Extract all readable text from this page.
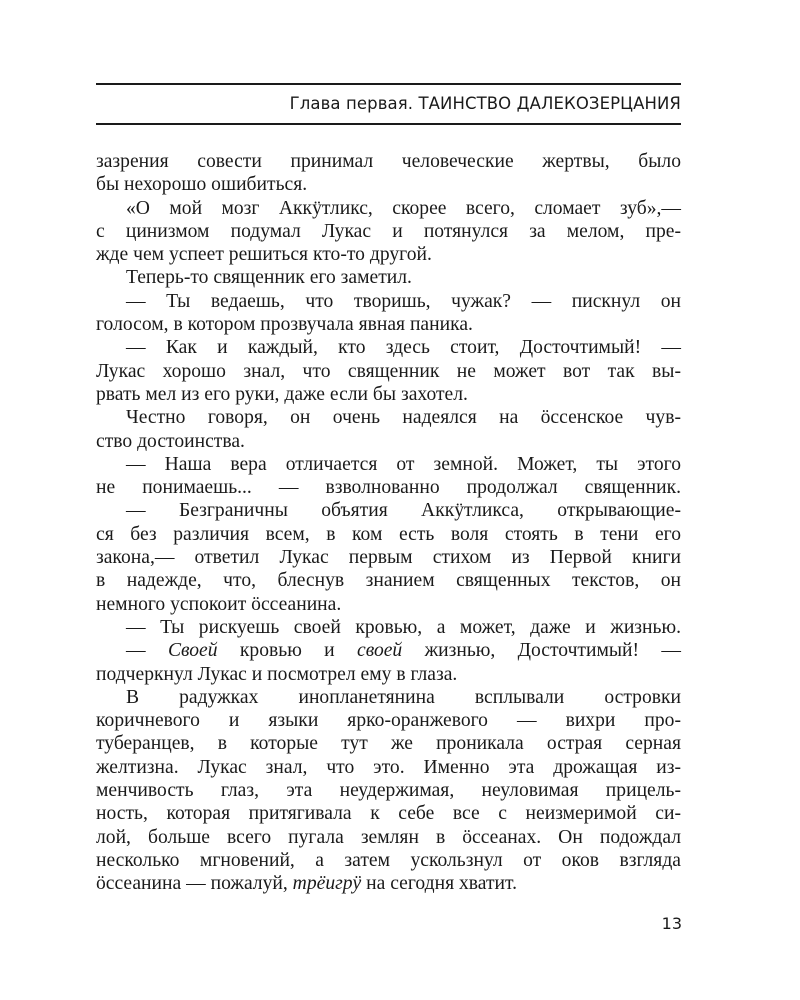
Глава первая. ТАИНСТВО ДАЛЕКОЗЕРЦАНИЯ
зазрения совести принимал человеческие жертвы, было
бы нехорошо ошибиться.
«О мой мозг Аккӱтликс, скорее всего, сломает зуб»,—
с цинизмом подумал Лукас и потянулся за мелом, пре-
жде чем успеет решиться кто-то другой.
Теперь-то священник его заметил.
— Ты ведаешь, что творишь, чужак? — пискнул он
голосом, в котором прозвучала явная паника.
— Как и каждый, кто здесь стоит, Досточтимый! —
Лукас хорошо знал, что священник не может вот так вы-
рвать мел из его руки, даже если бы захотел.
Честно говоря, он очень надеялся на öссенское чув-
ство достоинства.
— Наша вера отличается от земной. Может, ты этого
не понимаешь... — взволнованно продолжал священник.
— Безграничны объятия Аккӱтликса, открывающие-
ся без различия всем, в ком есть воля стоять в тени его
закона,— ответил Лукас первым стихом из Первой книги
в надежде, что, блеснув знанием священных текстов, он
немного успокоит öссеанина.
— Ты рискуешь своей кровью, а может, даже и жизнью.
— Своей кровью и своей жизнью, Досточтимый! —
подчеркнул Лукас и посмотрел ему в глаза.
В радужках инопланетянина всплывали островки
коричневого и языки ярко-оранжевого — вихри про-
туберанцев, в которые тут же проникала острая серная
желтизна. Лукас знал, что это. Именно эта дрожащая из-
менчивость глаз, эта неудержимая, неуловимая прицель-
ность, которая притягивала к себе все с неизмеримой си-
лой, больше всего пугала землян в öссеанах. Он подождал
несколько мгновений, а затем ускользнул от оков взгляда
öссеанина — пожалуй, трёигрӱ на сегодня хватит.
13
